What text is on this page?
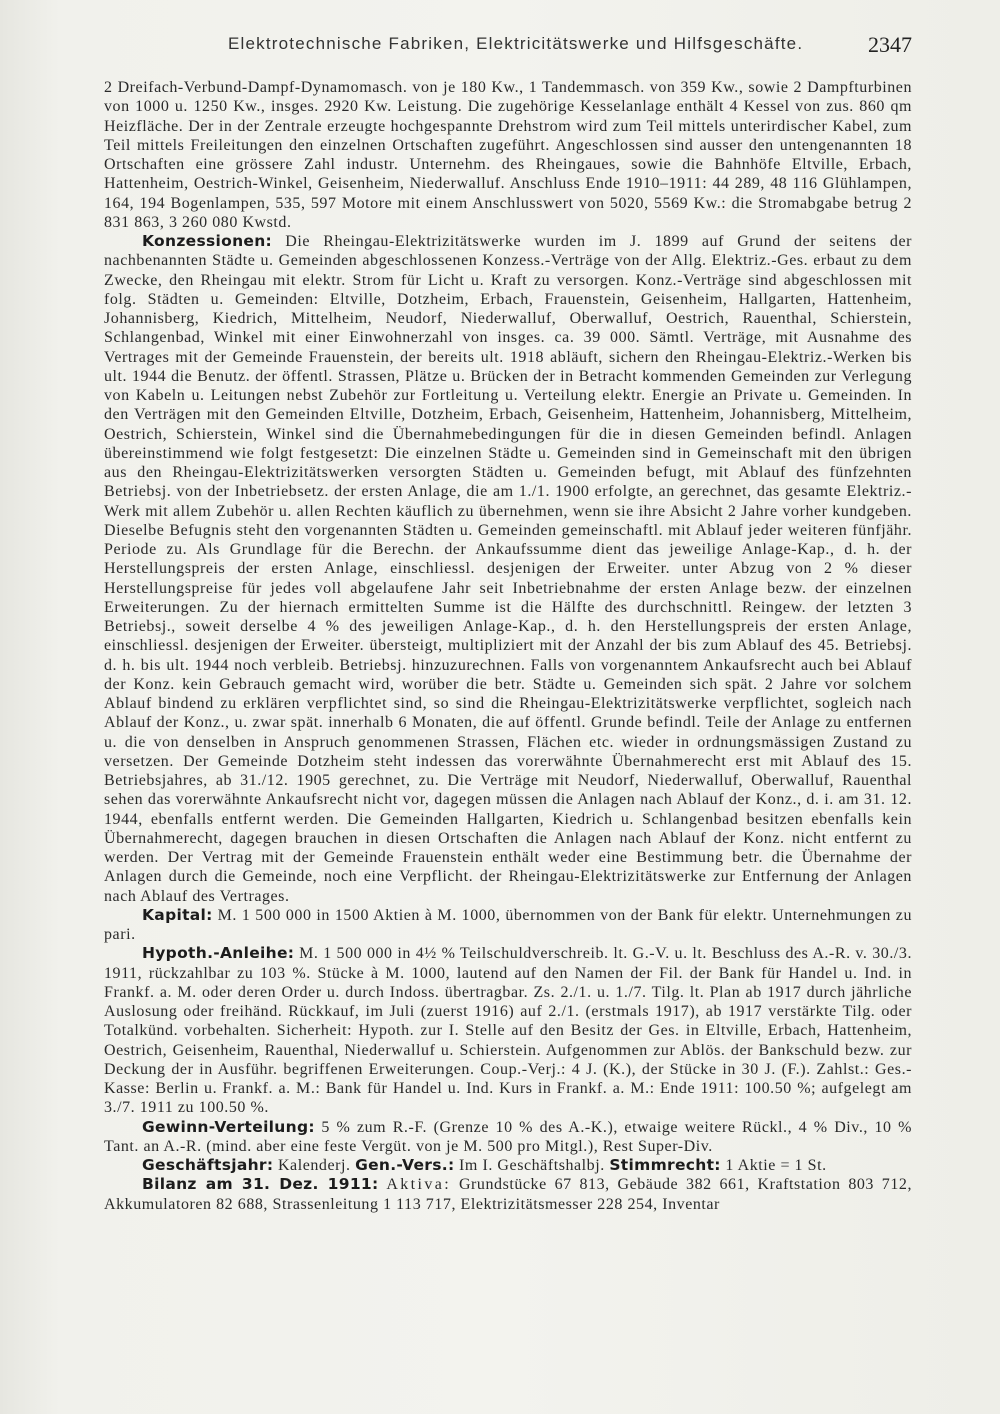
Elektrotechnische Fabriken, Elektricitätswerke und Hilfsgeschäfte.	2347

2 Dreifach-Verbund-Dampf-Dynamomasch. von je 180 Kw., 1 Tandemmasch. von 359 Kw., sowie 2 Dampfturbinen von 1000 u. 1250 Kw., insges. 2920 Kw. Leistung. Die zugehörige Kesselanlage enthält 4 Kessel von zus. 860 qm Heizfläche. Der in der Zentrale erzeugte hochgespannte Drehstrom wird zum Teil mittels unterirdischer Kabel, zum Teil mittels Freileitungen den einzelnen Ortschaften zugeführt. Angeschlossen sind ausser den untengenannten 18 Ortschaften eine grössere Zahl industr. Unternehm. des Rheingaues, sowie die Bahnhöfe Eltville, Erbach, Hattenheim, Oestrich-Winkel, Geisenheim, Niederwalluf. Anschluss Ende 1910–1911: 44 289, 48 116 Glühlampen, 164, 194 Bogenlampen, 535, 597 Motore mit einem Anschlusswert von 5020, 5569 Kw.: die Stromabgabe betrug 2 831 863, 3 260 080 Kwstd.

Konzessionen: Die Rheingau-Elektrizitätswerke wurden im J. 1899 auf Grund der seitens der nachbenannten Städte u. Gemeinden abgeschlossenen Konzess.-Verträge von der Allg. Elektriz.-Ges. erbaut zu dem Zwecke, den Rheingau mit elektr. Strom für Licht u. Kraft zu versorgen. Konz.-Verträge sind abgeschlossen mit folg. Städten u. Gemeinden: Eltville, Dotzheim, Erbach, Frauenstein, Geisenheim, Hallgarten, Hattenheim, Johannisberg, Kiedrich, Mittelheim, Neudorf, Niederwalluf, Oberwalluf, Oestrich, Rauenthal, Schierstein, Schlangenbad, Winkel mit einer Einwohnerzahl von insges. ca. 39 000. Sämtl. Verträge, mit Ausnahme des Vertrages mit der Gemeinde Frauenstein, der bereits ult. 1918 abläuft, sichern den Rheingau-Elektriz.-Werken bis ult. 1944 die Benutz. der öffentl. Strassen, Plätze u. Brücken der in Betracht kommenden Gemeinden zur Verlegung von Kabeln u. Leitungen nebst Zubehör zur Fortleitung u. Verteilung elektr. Energie an Private u. Gemeinden. In den Verträgen mit den Gemeinden Eltville, Dotzheim, Erbach, Geisenheim, Hattenheim, Johannisberg, Mittelheim, Oestrich, Schierstein, Winkel sind die Übernahmebedingungen für die in diesen Gemeinden befindl. Anlagen übereinstimmend wie folgt festgesetzt: Die einzelnen Städte u. Gemeinden sind in Gemeinschaft mit den übrigen aus den Rheingau-Elektrizitätswerken versorgten Städten u. Gemeinden befugt, mit Ablauf des fünfzehnten Betriebsj. von der Inbetriebsetz. der ersten Anlage, die am 1./1. 1900 erfolgte, an gerechnet, das gesamte Elektriz.-Werk mit allem Zubehör u. allen Rechten käuflich zu übernehmen, wenn sie ihre Absicht 2 Jahre vorher kundgeben. Dieselbe Befugnis steht den vorgenannten Städten u. Gemeinden gemeinschaftl. mit Ablauf jeder weiteren fünfjähr. Periode zu. Als Grundlage für die Berechn. der Ankaufssumme dient das jeweilige Anlage-Kap., d. h. der Herstellungspreis der ersten Anlage, einschliessl. desjenigen der Erweiter. unter Abzug von 2 % dieser Herstellungspreise für jedes voll abgelaufene Jahr seit Inbetriebnahme der ersten Anlage bezw. der einzelnen Erweiterungen. Zu der hiernach ermittelten Summe ist die Hälfte des durchschnittl. Reingew. der letzten 3 Betriebsj., soweit derselbe 4 % des jeweiligen Anlage-Kap., d. h. den Herstellungspreis der ersten Anlage, einschliessl. desjenigen der Erweiter. übersteigt, multipliziert mit der Anzahl der bis zum Ablauf des 45. Betriebsj. d. h. bis ult. 1944 noch verbleib. Betriebsj. hinzuzurechnen. Falls von vorgenanntem Ankaufsrecht auch bei Ablauf der Konz. kein Gebrauch gemacht wird, worüber die betr. Städte u. Gemeinden sich spät. 2 Jahre vor solchem Ablauf bindend zu erklären verpflichtet sind, so sind die Rheingau-Elektrizitätswerke verpflichtet, sogleich nach Ablauf der Konz., u. zwar spät. innerhalb 6 Monaten, die auf öffentl. Grunde befindl. Teile der Anlage zu entfernen u. die von denselben in Anspruch genommenen Strassen, Flächen etc. wieder in ordnungsmässigen Zustand zu versetzen. Der Gemeinde Dotzheim steht indessen das vorerwähnte Übernahmerecht erst mit Ablauf des 15. Betriebsjahres, ab 31./12. 1905 gerechnet, zu. Die Verträge mit Neudorf, Niederwalluf, Oberwalluf, Rauenthal sehen das vorerwähnte Ankaufsrecht nicht vor, dagegen müssen die Anlagen nach Ablauf der Konz., d. i. am 31. 12. 1944, ebenfalls entfernt werden. Die Gemeinden Hallgarten, Kiedrich u. Schlangenbad besitzen ebenfalls kein Übernahmerecht, dagegen brauchen in diesen Ortschaften die Anlagen nach Ablauf der Konz. nicht entfernt zu werden. Der Vertrag mit der Gemeinde Frauenstein enthält weder eine Bestimmung betr. die Übernahme der Anlagen durch die Gemeinde, noch eine Verpflicht. der Rheingau-Elektrizitätswerke zur Entfernung der Anlagen nach Ablauf des Vertrages.

Kapital: M. 1 500 000 in 1500 Aktien à M. 1000, übernommen von der Bank für elektr. Unternehmungen zu pari.

Hypoth.-Anleihe: M. 1 500 000 in 4½ % Teilschuldverschreib. lt. G.-V. u. lt. Beschluss des A.-R. v. 30./3. 1911, rückzahlbar zu 103 %. Stücke à M. 1000, lautend auf den Namen der Fil. der Bank für Handel u. Ind. in Frankf. a. M. oder deren Order u. durch Indoss. übertragbar. Zs. 2./1. u. 1./7. Tilg. lt. Plan ab 1917 durch jährliche Auslosung oder freihänd. Rückkauf, im Juli (zuerst 1916) auf 2./1. (erstmals 1917), ab 1917 verstärkte Tilg. oder Totalkünd. vorbehalten. Sicherheit: Hypoth. zur I. Stelle auf den Besitz der Ges. in Eltville, Erbach, Hattenheim, Oestrich, Geisenheim, Rauenthal, Niederwalluf u. Schierstein. Aufgenommen zur Ablös. der Bankschuld bezw. zur Deckung der in Ausführ. begriffenen Erweiterungen. Coup.-Verj.: 4 J. (K.), der Stücke in 30 J. (F.). Zahlst.: Ges.-Kasse: Berlin u. Frankf. a. M.: Bank für Handel u. Ind. Kurs in Frankf. a. M.: Ende 1911: 100.50 %; aufgelegt am 3./7. 1911 zu 100.50 %.

Gewinn-Verteilung: 5 % zum R.-F. (Grenze 10 % des A.-K.), etwaige weitere Rückl., 4 % Div., 10 % Tant. an A.-R. (mind. aber eine feste Vergüt. von je M. 500 pro Mitgl.), Rest Super-Div.

Geschäftsjahr: Kalenderj. Gen.-Vers.: Im I. Geschäftshalbj. Stimmrecht: 1 Aktie = 1 St.

Bilanz am 31. Dez. 1911: Aktiva: Grundstücke 67 813, Gebäude 382 661, Kraftstation 803 712, Akkumulatoren 82 688, Strassenleitung 1 113 717, Elektrizitätsmesser 228 254, Inventar
